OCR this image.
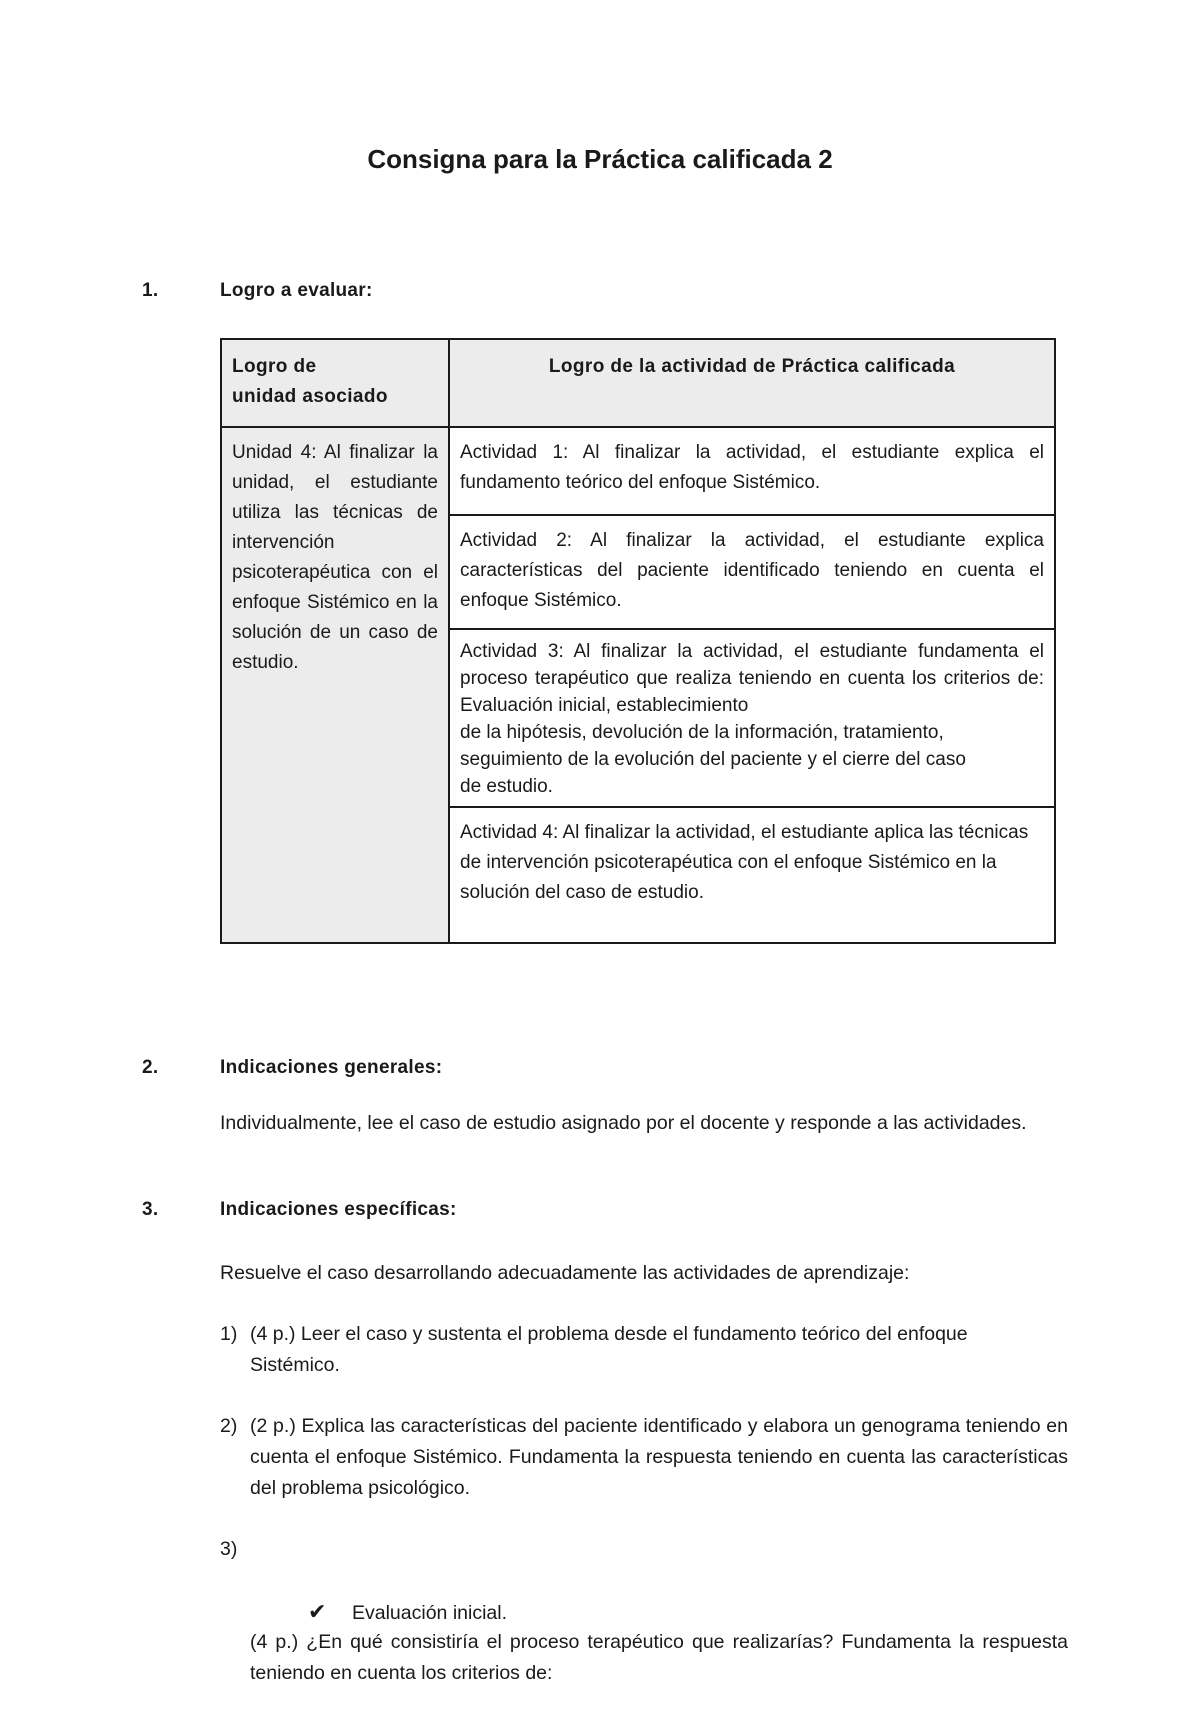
Consigna para la Práctica calificada 2
1.	Logro a evaluar:
Logro de
unidad asociado	Logro de la actividad de Práctica calificada
Unidad 4: Al finalizar la unidad, el estudiante utiliza las técnicas de intervención psicoterapéutica con el enfoque Sistémico en la solución de un caso de estudio.	Actividad 1: Al finalizar la actividad, el estudiante explica el fundamento teórico del enfoque Sistémico.
	Actividad 2: Al finalizar la actividad, el estudiante explica características del paciente identificado teniendo en cuenta el enfoque Sistémico.

	Actividad 3: Al finalizar la actividad, el estudiante fundamenta el proceso terapéutico que realiza teniendo en cuenta los criterios de: Evaluación inicial, establecimiento
de la hipótesis, devolución de la información, tratamiento,
seguimiento de la evolución del paciente y el cierre del caso
de estudio.

	Actividad 4: Al finalizar la actividad, el estudiante aplica las técnicas de intervención psicoterapéutica con el enfoque Sistémico en la solución del caso de estudio.
2.	Indicaciones generales:

Individualmente, lee el caso de estudio asignado por el docente y responde a las actividades.

3.	Indicaciones específicas:

Resuelve el caso desarrollando adecuadamente las actividades de aprendizaje:

1) (4 p.) Leer el caso y sustenta el problema desde el fundamento teórico del enfoque Sistémico.
2) (2 p.) Explica las características del paciente identificado y elabora un genograma teniendo en cuenta el enfoque Sistémico. Fundamenta la respuesta teniendo en cuenta las características del problema psicológico.

3)

(4 p.) ¿En qué consistiría el proceso terapéutico que realizarías? Fundamenta la respuesta     teniendo en cuenta los criterios de:

✔ Evaluación inicial.
